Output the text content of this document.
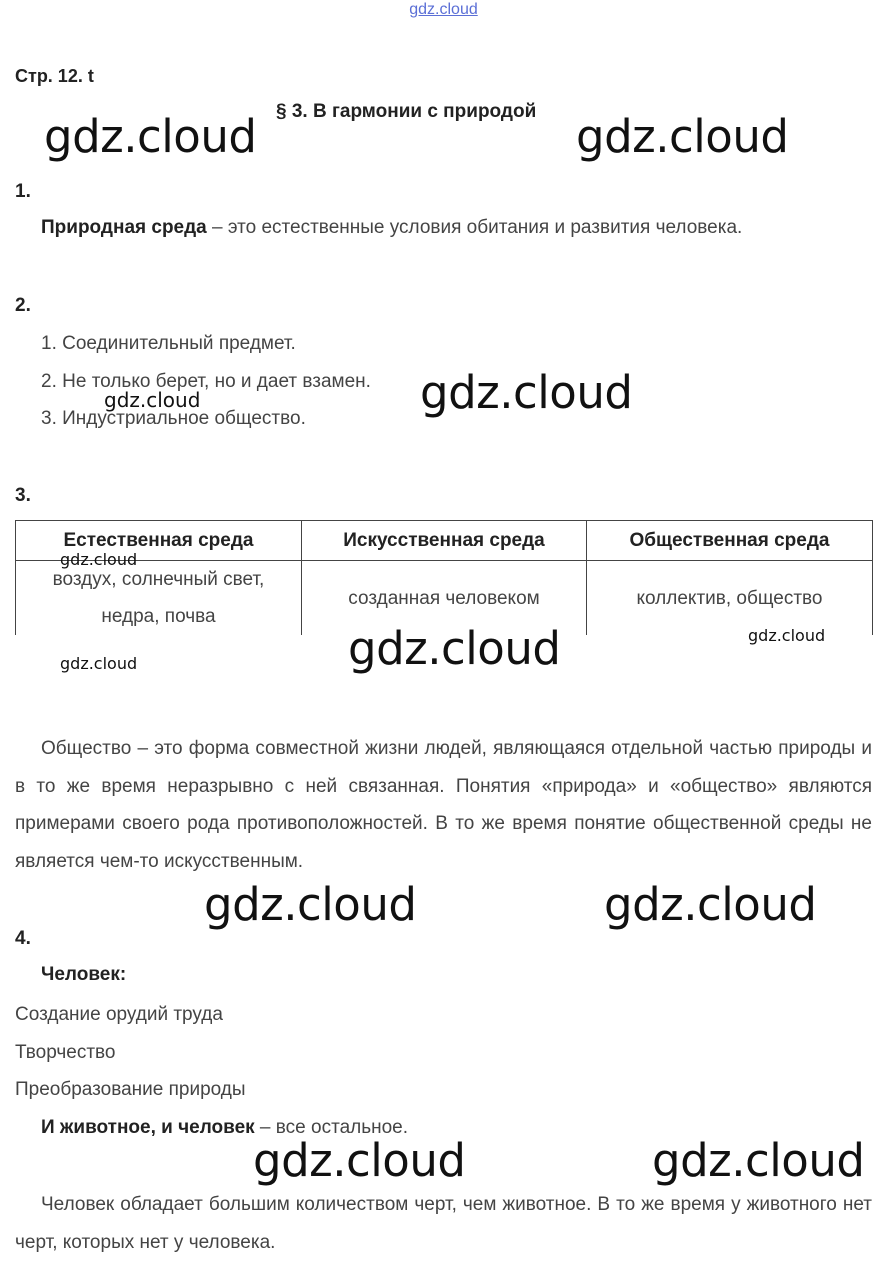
gdz.cloud
Стр. 12. t
§ 3. В гармонии с природой
1.
Природная среда – это естественные условия обитания и развития человека.
2.
1. Соединительный предмет.
2. Не только берет, но и дает взамен.
3. Индустриальное общество.
3.
Естественная среда	Искусственная среда	Общественная среда
воздух, солнечный свет, недра, почва	созданная человеком	коллектив, общество

Общество – это форма совместной жизни людей, являющаяся отдельной частью природы и в то же время неразрывно с ней связанная. Понятия «природа» и «общество» являются примерами своего рода противоположностей. В то же время понятие общественной среды не является чем-то искусственным.

4.
Человек:
Создание орудий труда
Творчество
Преобразование природы
И животное, и человек – все остальное.

Человек обладает большим количеством черт, чем животное. В то же время у животного нет черт, которых нет у человека.

gdz.cloud	gdz.cloud
gdz.cloud
gdz.cloud
gdz.cloud	gdz.cloud
gdz.cloud	gdz.cloud
gdz.cloud
gdz.cloud
gdz.cloud
gdz.cloud
